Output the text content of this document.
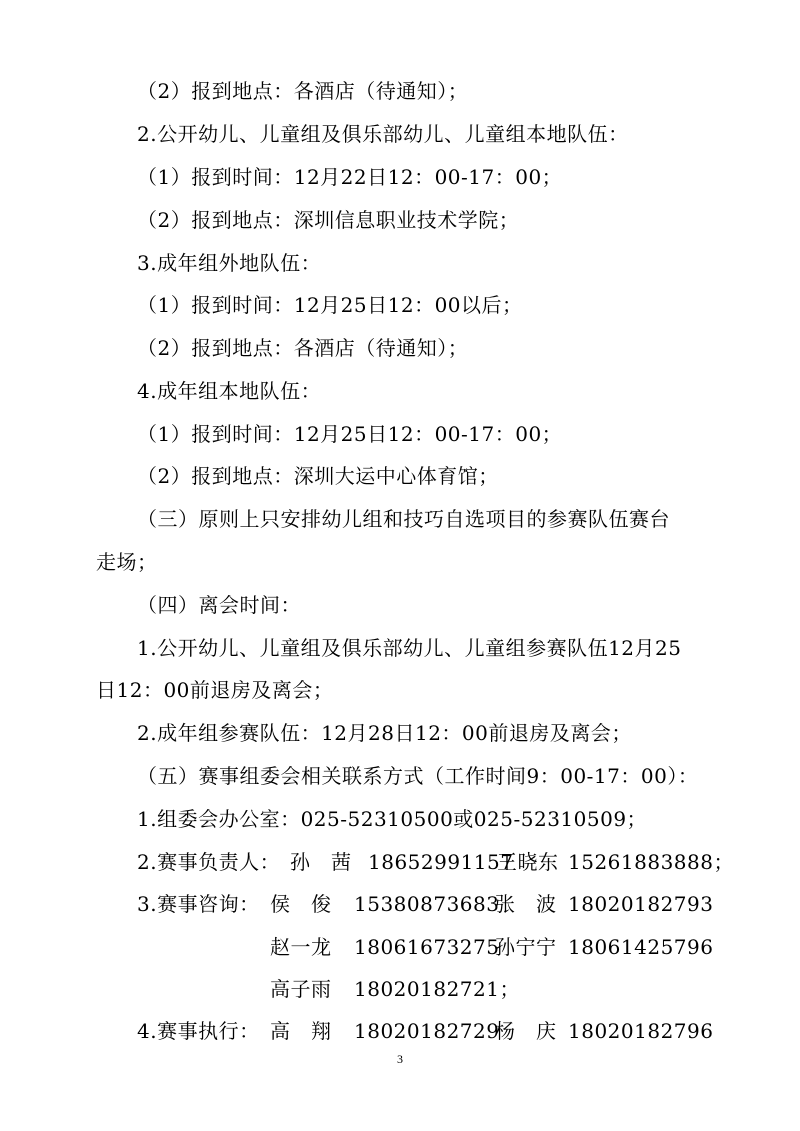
（2）报到地点：各酒店（待通知）；
2.公开幼儿、儿童组及俱乐部幼儿、儿童组本地队伍：
（1）报到时间：12月22日12：00-17：00；
（2）报到地点：深圳信息职业技术学院；
3.成年组外地队伍：
（1）报到时间：12月25日12：00以后；
（2）报到地点：各酒店（待通知）；
4.成年组本地队伍：
（1）报到时间：12月25日12：00-17：00；
（2）报到地点：深圳大运中心体育馆；
（三）原则上只安排幼儿组和技巧自选项目的参赛队伍赛台
走场；
（四）离会时间：
1.公开幼儿、儿童组及俱乐部幼儿、儿童组参赛队伍12月25
日12：00前退房及离会；
2.成年组参赛队伍：12月28日12：00前退房及离会；
（五）赛事组委会相关联系方式（工作时间9：00-17：00）：
1.组委会办公室：025-52310500或025-52310509；
2.赛事负责人： 孙　茜 18652991157
王晓东 15261883888；
3.赛事咨询： 侯　俊 15380873683
张　波 18020182793
赵一龙 18061673275
孙宁宁 18061425796
高子雨 18020182721；
4.赛事执行： 高　翔 18020182729
杨　庆 18020182796
3
